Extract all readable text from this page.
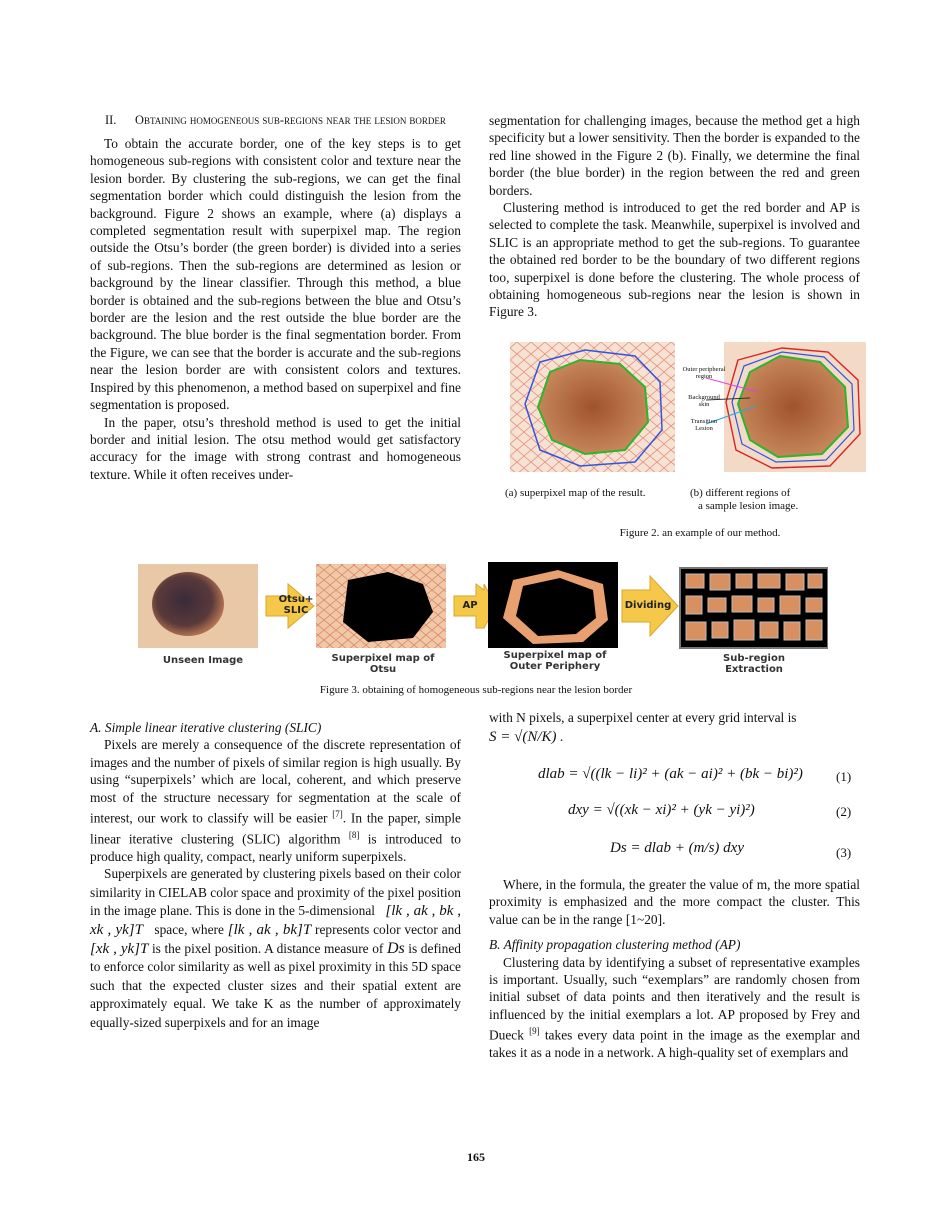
II. Obtaining homogeneous sub-regions near the lesion border

To obtain the accurate border, one of the key steps is to get homogeneous sub-regions with consistent color and texture near the lesion border. By clustering the sub-regions, we can get the final segmentation border which could distinguish the lesion from the background. Figure 2 shows an example, where (a) displays a completed segmentation result with superpixel map. The region outside the Otsu’s border (the green border) is divided into a series of sub-regions. Then the sub-regions are determined as lesion or background by the linear classifier. Through this method, a blue border is obtained and the sub-regions between the blue and Otsu’s border are the lesion and the rest outside the blue border are the background. The blue border is the final segmentation border. From the Figure, we can see that the border is accurate and the sub-regions near the lesion border are with consistent colors and textures. Inspired by this phenomenon, a method based on superpixel and fine segmentation is proposed.

In the paper, otsu’s threshold method is used to get the initial border and initial lesion. The otsu method would get satisfactory accuracy for the image with strong contrast and homogeneous texture. While it often receives under-

segmentation for challenging images, because the method get a high specificity but a lower sensitivity. Then the border is expanded to the red line showed in the Figure 2 (b). Finally, we determine the final border (the blue border) in the region between the red and green borders.

Clustering method is introduced to get the red border and AP is selected to complete the task. Meanwhile, superpixel is involved and SLIC is an appropriate method to get the sub-regions. To guarantee the obtained red border to be the boundary of two different regions too, superpixel is done before the clustering. The whole process of obtaining homogeneous sub-regions near the lesion is shown in Figure 3.

Outer peripheral region
Background skin
Transition Lesion
(a) superpixel map of the result.	(b) different regions of
a sample lesion image.
Figure 2. an example of our method.
Otsu+
SLIC	AP	Dividing
Unseen Image	Superpixel map of
Otsu
Superpixel map of
Outer Periphery
Sub-region
Extraction
Figure 3. obtaining of homogeneous sub-regions near the lesion border

A. Simple linear iterative clustering (SLIC)

Pixels are merely a consequence of the discrete representation of images and the number of pixels of similar region is high usually. By using “superpixels’ which are local, coherent, and which preserve most of the structure necessary for segmentation at the scale of interest, our work to classify will be easier [7]. In the paper, simple linear iterative clustering (SLIC) algorithm [8] is introduced to produce high quality, compact, nearly uniform superpixels.

Superpixels are generated by clustering pixels based on their color similarity in CIELAB color space and proximity of the pixel position in the image plane. This is done in the 5-dimensional [lk , ak , bk , xk , yk]T space, where [lk , ak , bk]T represents color vector and [xk , yk]T is the pixel position. A distance measure of Ds is defined to enforce color similarity as well as pixel proximity in this 5D space such that the expected cluster sizes and their spatial extent are approximately equal. We take K as the number of approximately equally-sized superpixels and for an image

with N pixels, a superpixel center at every grid interval is

S = √(N/K) .

dlab = √((lk − li)² + (ak − ai)² + (bk − bi)²)	(1)
dxy = √((xk − xi)² + (yk − yi)²)	(2)
Ds = dlab + (m/s) dxy	(3)

Where, in the formula, the greater the value of m, the more spatial proximity is emphasized and the more compact the cluster. This value can be in the range [1~20].

B. Affinity propagation clustering method (AP)

Clustering data by identifying a subset of representative examples is important. Usually, such “exemplars” are randomly chosen from initial subset of data points and then iteratively and the result is influenced by the initial exemplars a lot. AP proposed by Frey and Dueck [9] takes every data point in the image as the exemplar and takes it as a node in a network. A high-quality set of exemplars and

165
